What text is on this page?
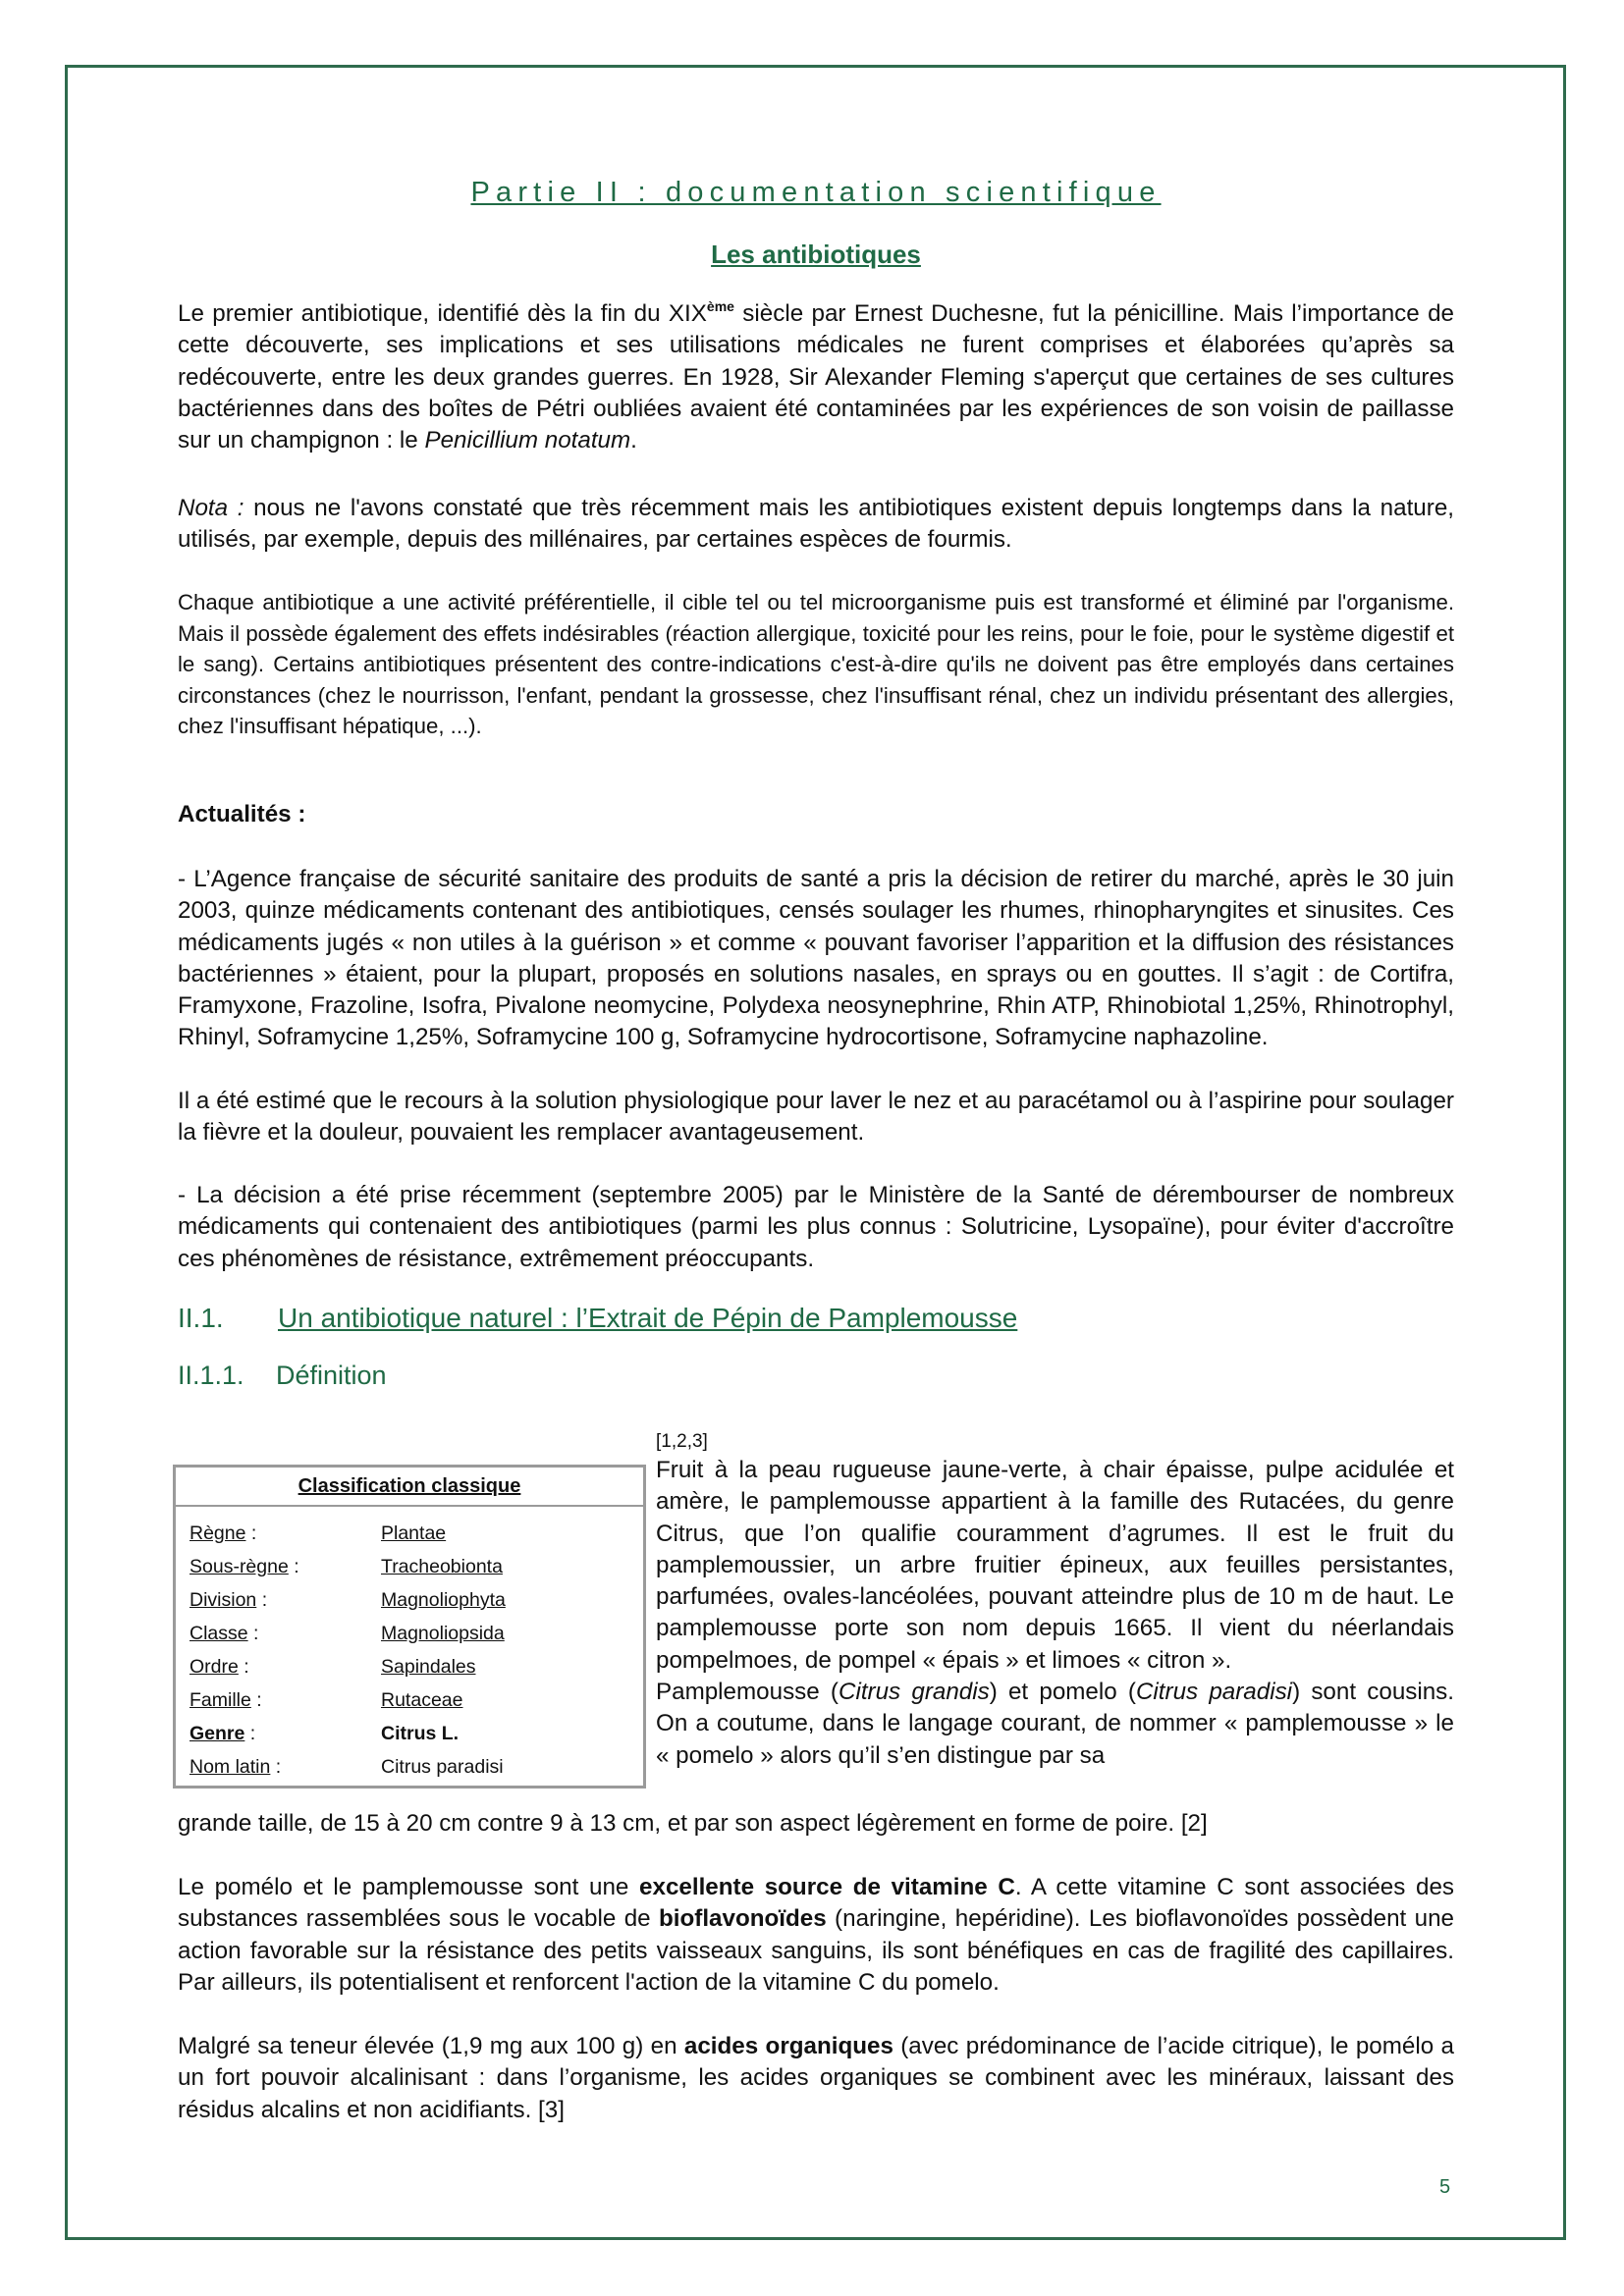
Partie II : documentation scientifique

Les antibiotiques

Le premier antibiotique, identifié dès la fin du XIXème siècle par Ernest Duchesne, fut la pénicilline. Mais l’importance de cette découverte, ses implications et ses utilisations médicales ne furent comprises et élaborées qu’après sa redécouverte, entre les deux grandes guerres. En 1928, Sir Alexander Fleming s'aperçut que certaines de ses cultures bactériennes dans des boîtes de Pétri oubliées avaient été contaminées par les expériences de son voisin de paillasse sur un champignon : le Penicillium notatum.

Nota : nous ne l'avons constaté que très récemment mais les antibiotiques existent depuis longtemps dans la nature, utilisés, par exemple, depuis des millénaires, par certaines espèces de fourmis.

Chaque antibiotique a une activité préférentielle, il cible tel ou tel microorganisme puis est transformé et éliminé par l'organisme. Mais il possède également des effets indésirables (réaction allergique, toxicité pour les reins, pour le foie, pour le système digestif et le sang). Certains antibiotiques présentent des contre-indications c'est-à-dire qu'ils ne doivent pas être employés dans certaines circonstances (chez le nourrisson, l'enfant, pendant la grossesse, chez l'insuffisant rénal, chez un individu présentant des allergies, chez l'insuffisant hépatique, ...).

Actualités :

- L’Agence française de sécurité sanitaire des produits de santé a pris la décision de retirer du marché, après le 30 juin 2003, quinze médicaments contenant des antibiotiques, censés soulager les rhumes, rhinopharyngites et sinusites. Ces médicaments jugés « non utiles à la guérison » et comme « pouvant favoriser l’apparition et la diffusion des résistances bactériennes » étaient, pour la plupart, proposés en solutions nasales, en sprays ou en gouttes. Il s’agit : de Cortifra, Framyxone, Frazoline, Isofra, Pivalone neomycine, Polydexa neosynephrine, Rhin ATP, Rhinobiotal 1,25%, Rhinotrophyl, Rhinyl, Soframycine 1,25%, Soframycine 100 g, Soframycine hydrocortisone, Soframycine naphazoline.

Il a été estimé que le recours à la solution physiologique pour laver le nez et au paracétamol ou à l’aspirine pour soulager la fièvre et la douleur, pouvaient les remplacer avantageusement.

- La décision a été prise récemment (septembre 2005) par le Ministère de la Santé de dérembourser de nombreux médicaments qui contenaient des antibiotiques (parmi les plus connus : Solutricine, Lysopaïne), pour éviter d'accroître ces phénomènes de résistance, extrêmement préoccupants.

II.1. Un antibiotique naturel : l’Extrait de Pépin de Pamplemousse

II.1.1. Définition

Classification classique
Règne :	Plantae
Sous-règne :	Tracheobionta
Division :	Magnoliophyta
Classe :	Magnoliopsida
Ordre :	Sapindales
Famille :	Rutaceae
Genre :	Citrus L.
Nom latin :	Citrus paradisi
[1,2,3]

Fruit à la peau rugueuse jaune-verte, à chair épaisse, pulpe acidulée et amère, le pamplemousse appartient à la famille des Rutacées, du genre Citrus, que l’on qualifie couramment d’agrumes. Il est le fruit du pamplemoussier, un arbre fruitier épineux, aux feuilles persistantes, parfumées, ovales-lancéolées, pouvant atteindre plus de 10 m de haut. Le pamplemousse porte son nom depuis 1665. Il vient du néerlandais pompelmoes, de pompel « épais » et limoes « citron ».

Pamplemousse (Citrus grandis) et pomelo (Citrus paradisi) sont cousins. On a coutume, dans le langage courant, de nommer « pamplemousse » le « pomelo » alors qu’il s’en distingue par sa

grande taille, de 15 à 20 cm contre 9 à 13 cm, et par son aspect légèrement en forme de poire. [2]

Le pomélo et le pamplemousse sont une excellente source de vitamine C. A cette vitamine C sont associées des substances rassemblées sous le vocable de bioflavonoïdes (naringine, hepéridine). Les bioflavonoïdes possèdent une action favorable sur la résistance des petits vaisseaux sanguins, ils sont bénéfiques en cas de fragilité des capillaires. Par ailleurs, ils potentialisent et renforcent l'action de la vitamine C du pomelo.

Malgré sa teneur élevée (1,9 mg aux 100 g) en acides organiques (avec prédominance de l’acide citrique), le pomélo a un fort pouvoir alcalinisant : dans l’organisme, les acides organiques se combinent avec les minéraux, laissant des résidus alcalins et non acidifiants. [3]

5
